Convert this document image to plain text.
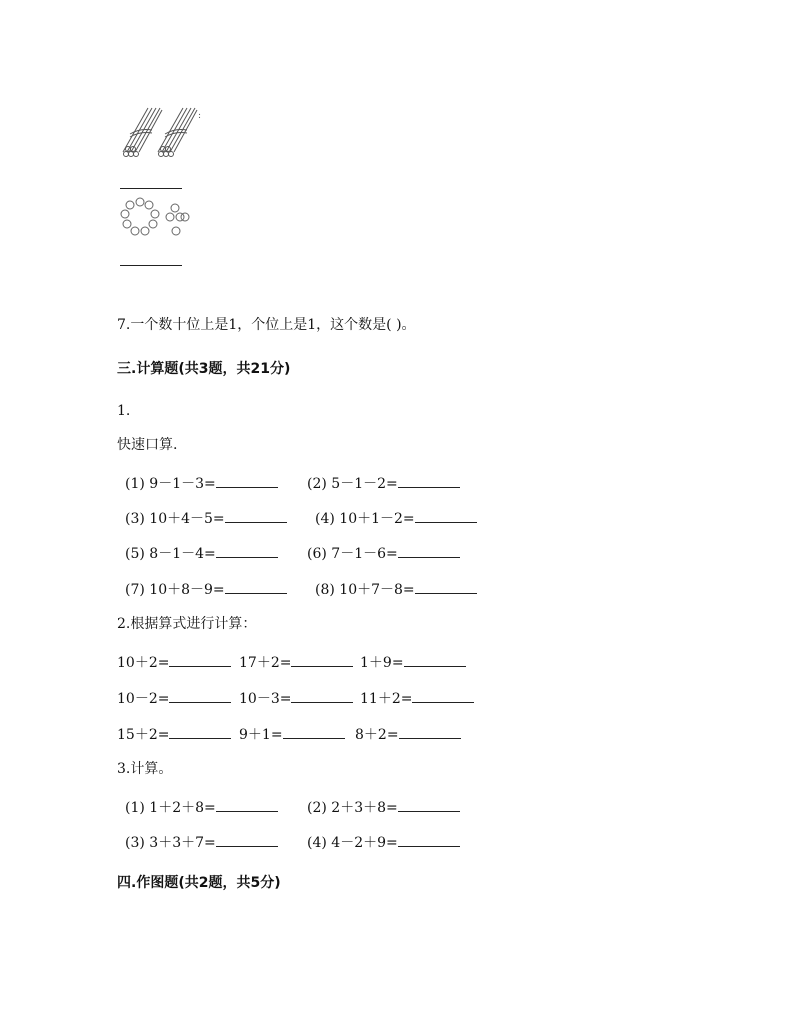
:
7.一个数十位上是1，个位上是1，这个数是( )。
三.计算题(共3题，共21分)
1.
快速口算.
(1) 9－1－3=	(2) 5－1－2=
(3) 10＋4－5=	(4) 10＋1－2=
(5) 8－1－4=	(6) 7－1－6=
(7) 10＋8－9=	(8) 10＋7－8=
2.根据算式进行计算：
10＋2=	17＋2=	1＋9=
10－2=	10－3=	11＋2=
15＋2=	9＋1=	8＋2=
3.计算。
(1) 1＋2＋8=	(2) 2＋3＋8=
(3) 3＋3＋7=	(4) 4－2＋9=
四.作图题(共2题，共5分)
